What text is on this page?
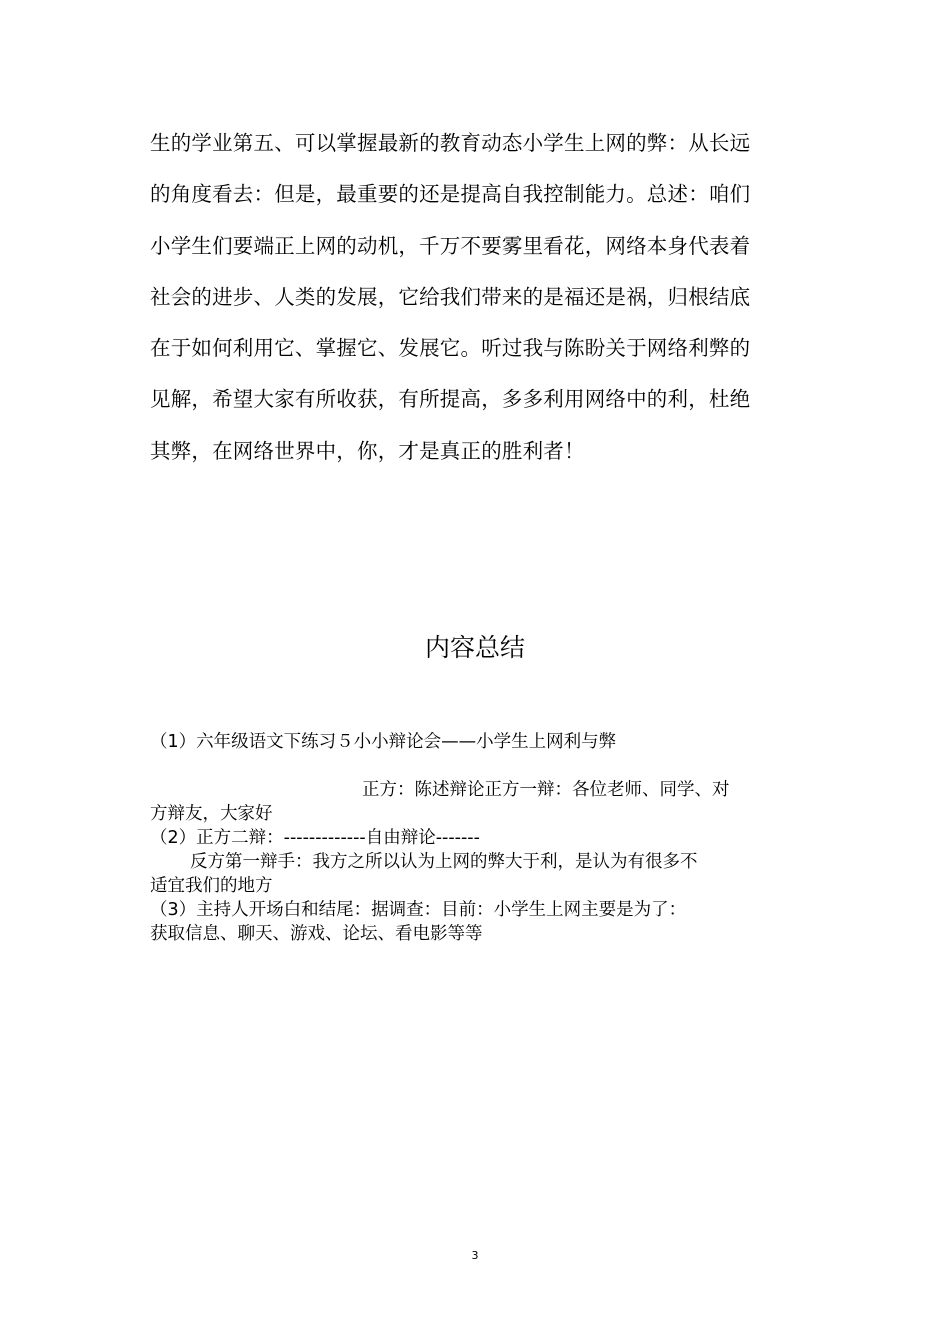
生的学业第五、可以掌握最新的教育动态小学生上网的弊：从长远
的角度看去：但是，最重要的还是提高自我控制能力。总述：咱们
小学生们要端正上网的动机，千万不要雾里看花，网络本身代表着
社会的进步、人类的发展，它给我们带来的是福还是祸，归根结底
在于如何利用它、掌握它、发展它。听过我与陈盼关于网络利弊的
见解，希望大家有所收获，有所提高，多多利用网络中的利，杜绝
其弊，在网络世界中，你，才是真正的胜利者！
内容总结
（1）六年级语文下练习５小小辩论会——小学生上网利与弊
正方：陈述辩论正方一辩：各位老师、同学、对
方辩友，大家好
（2）正方二辩：-------------自由辩论-------
反方第一辩手：我方之所以认为上网的弊大于利，是认为有很多不
适宜我们的地方
（3）主持人开场白和结尾：据调查：目前：小学生上网主要是为了：
获取信息、聊天、游戏、论坛、看电影等等
3
